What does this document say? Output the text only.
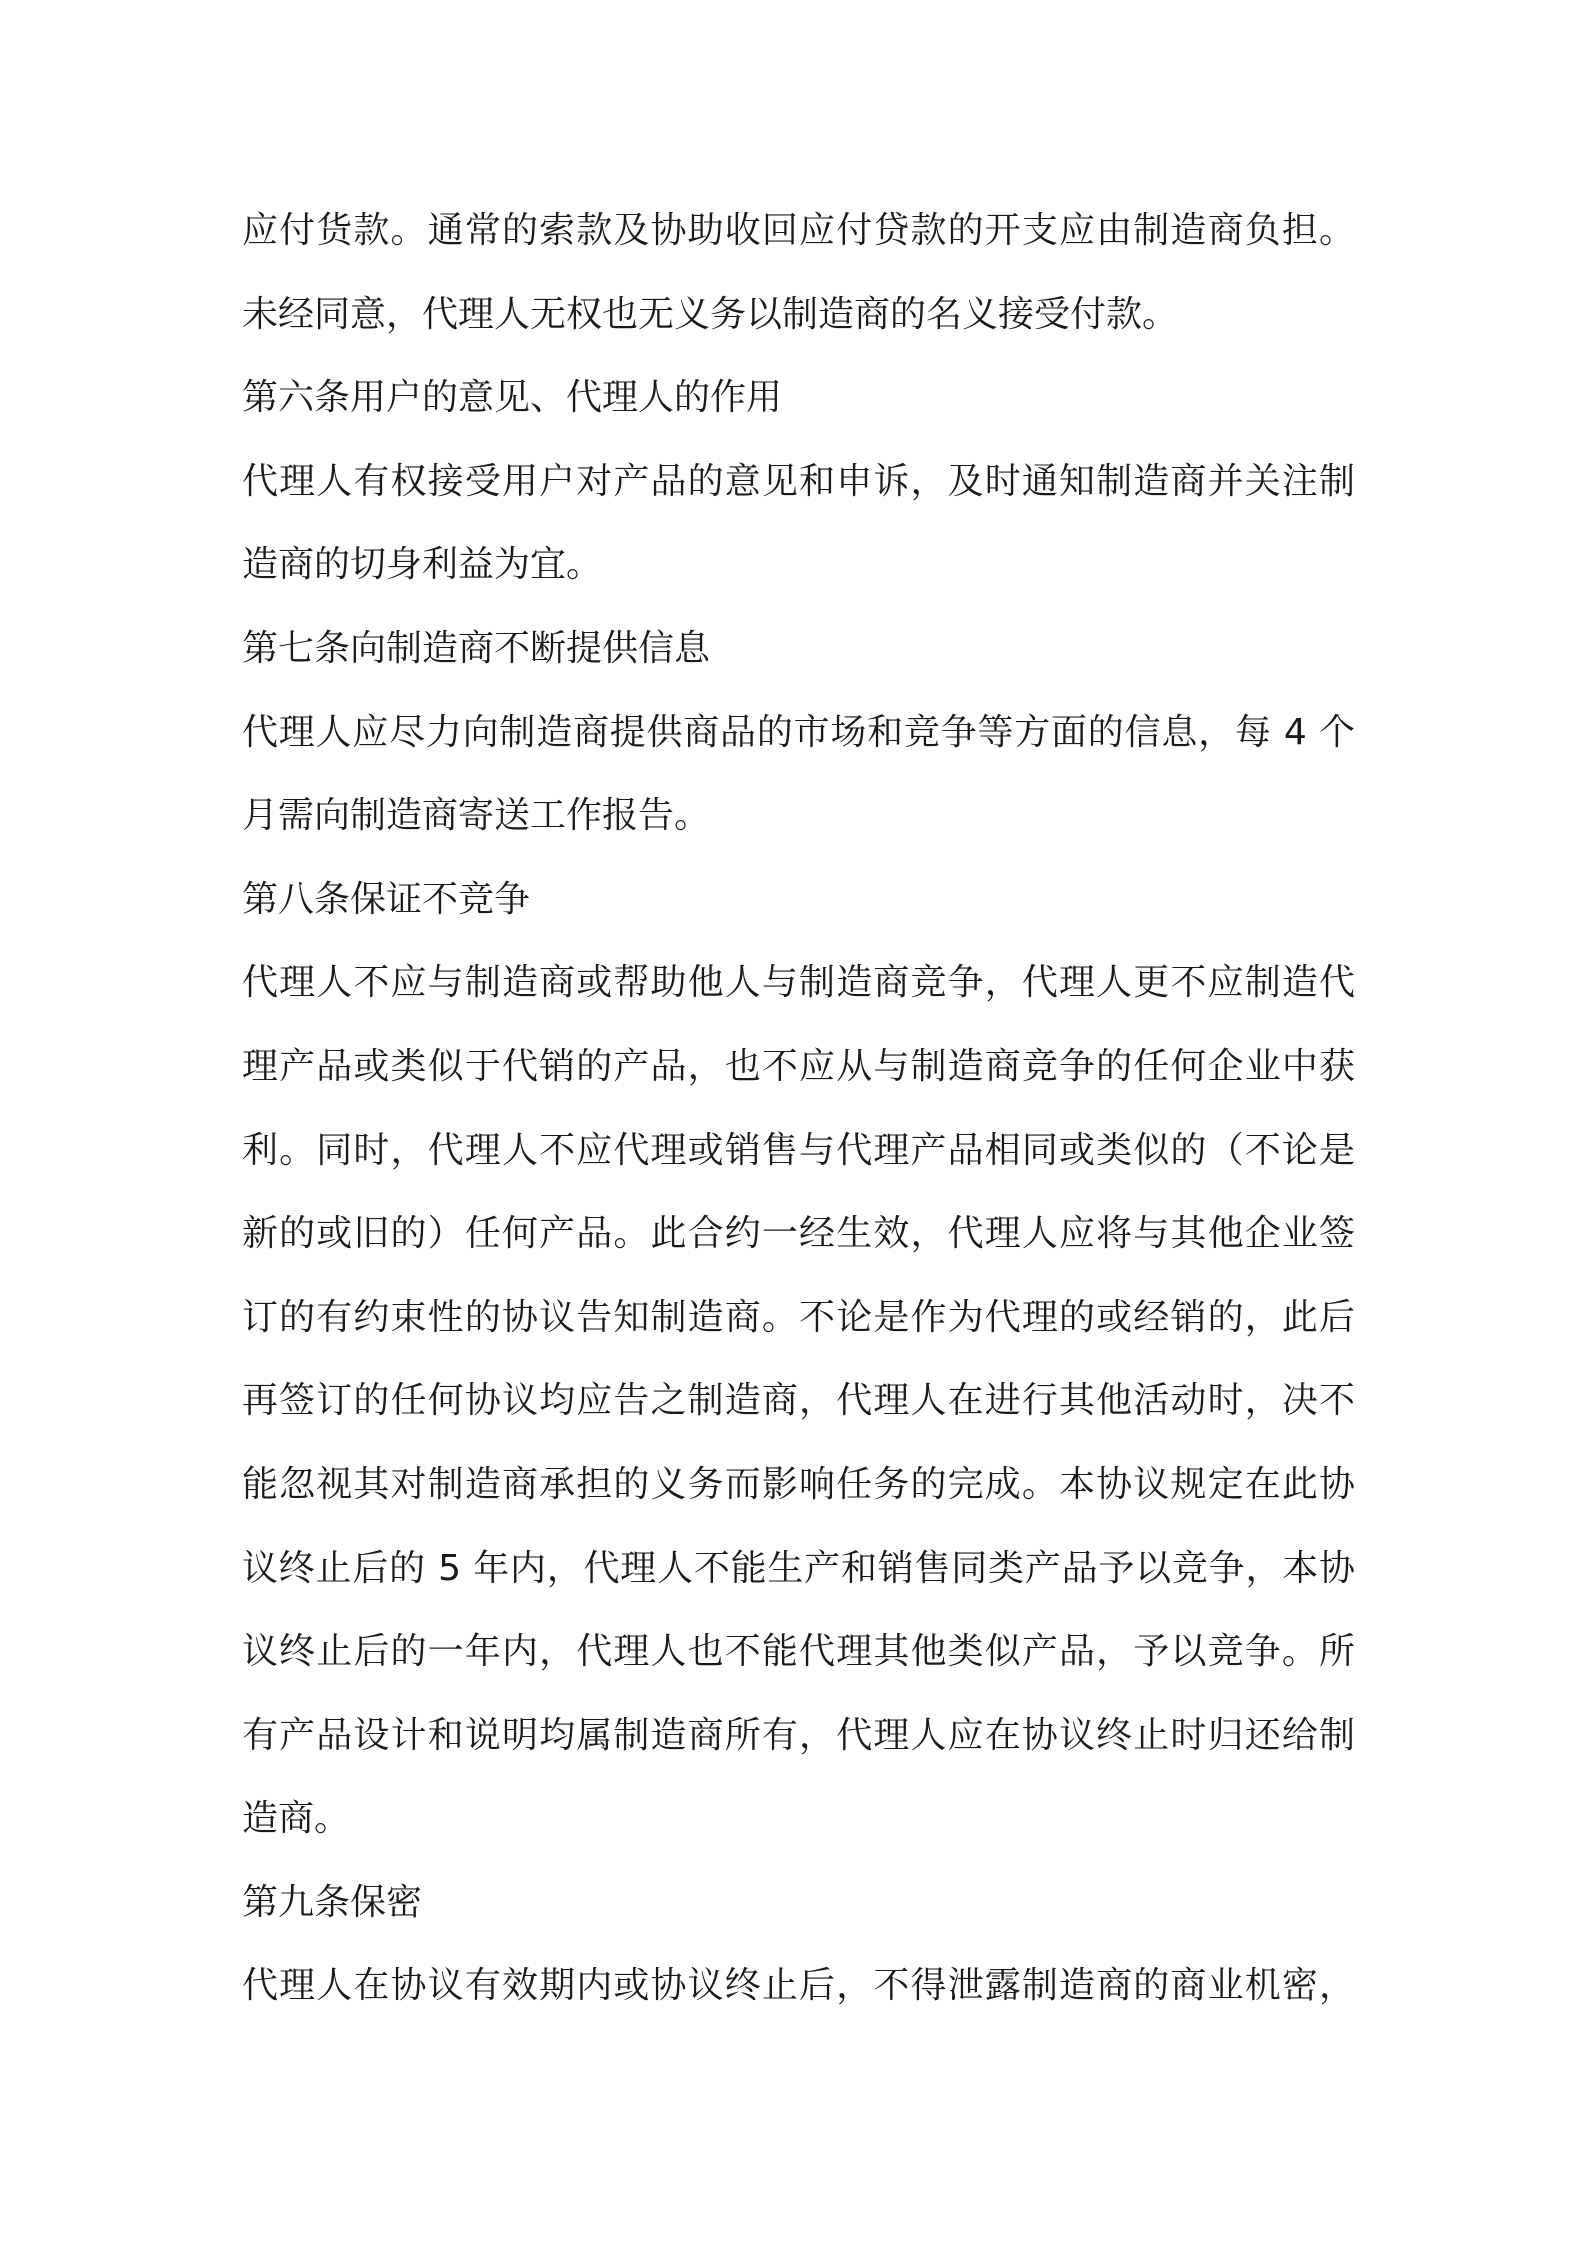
应付货款。通常的索款及协助收回应付贷款的开支应由制造商负担。
未经同意，代理人无权也无义务以制造商的名义接受付款。
第六条用户的意见、代理人的作用
代理人有权接受用户对产品的意见和申诉，及时通知制造商并关注制
造商的切身利益为宜。
第七条向制造商不断提供信息
代理人应尽力向制造商提供商品的市场和竞争等方面的信息，每 4 个
月需向制造商寄送工作报告。
第八条保证不竞争
代理人不应与制造商或帮助他人与制造商竞争，代理人更不应制造代
理产品或类似于代销的产品，也不应从与制造商竞争的任何企业中获
利。同时，代理人不应代理或销售与代理产品相同或类似的（不论是
新的或旧的）任何产品。此合约一经生效，代理人应将与其他企业签
订的有约束性的协议告知制造商。不论是作为代理的或经销的，此后
再签订的任何协议均应告之制造商，代理人在进行其他活动时，决不
能忽视其对制造商承担的义务而影响任务的完成。本协议规定在此协
议终止后的 5 年内，代理人不能生产和销售同类产品予以竞争，本协
议终止后的一年内，代理人也不能代理其他类似产品，予以竞争。所
有产品设计和说明均属制造商所有，代理人应在协议终止时归还给制
造商。
第九条保密
代理人在协议有效期内或协议终止后，不得泄露制造商的商业机密，
